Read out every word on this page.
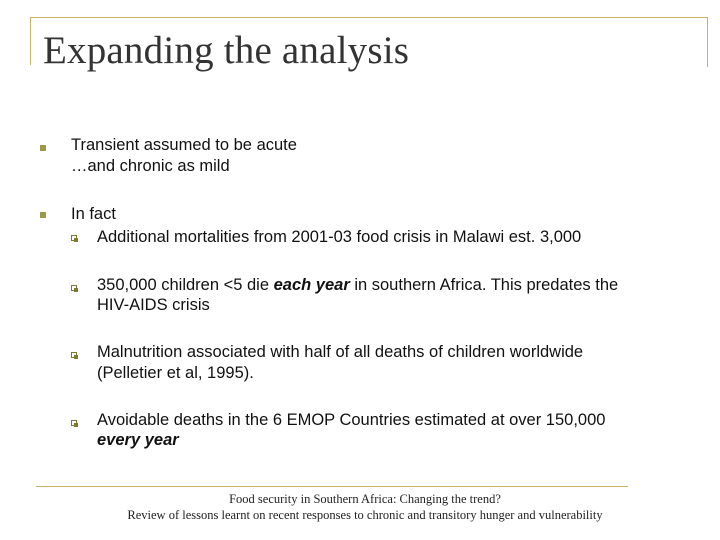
Expanding the analysis
Transient assumed to be acute
…and chronic as mild
In fact
Additional mortalities from 2001-03 food crisis in Malawi est. 3,000
350,000 children <5 die each year in southern Africa. This predates the
HIV-AIDS crisis
Malnutrition associated with half of all deaths of children worldwide
(Pelletier et al, 1995).
Avoidable deaths in the 6 EMOP Countries estimated at over 150,000
every year
Food security in Southern Africa: Changing the trend?
Review of lessons learnt on recent responses to chronic and transitory hunger and vulnerability
